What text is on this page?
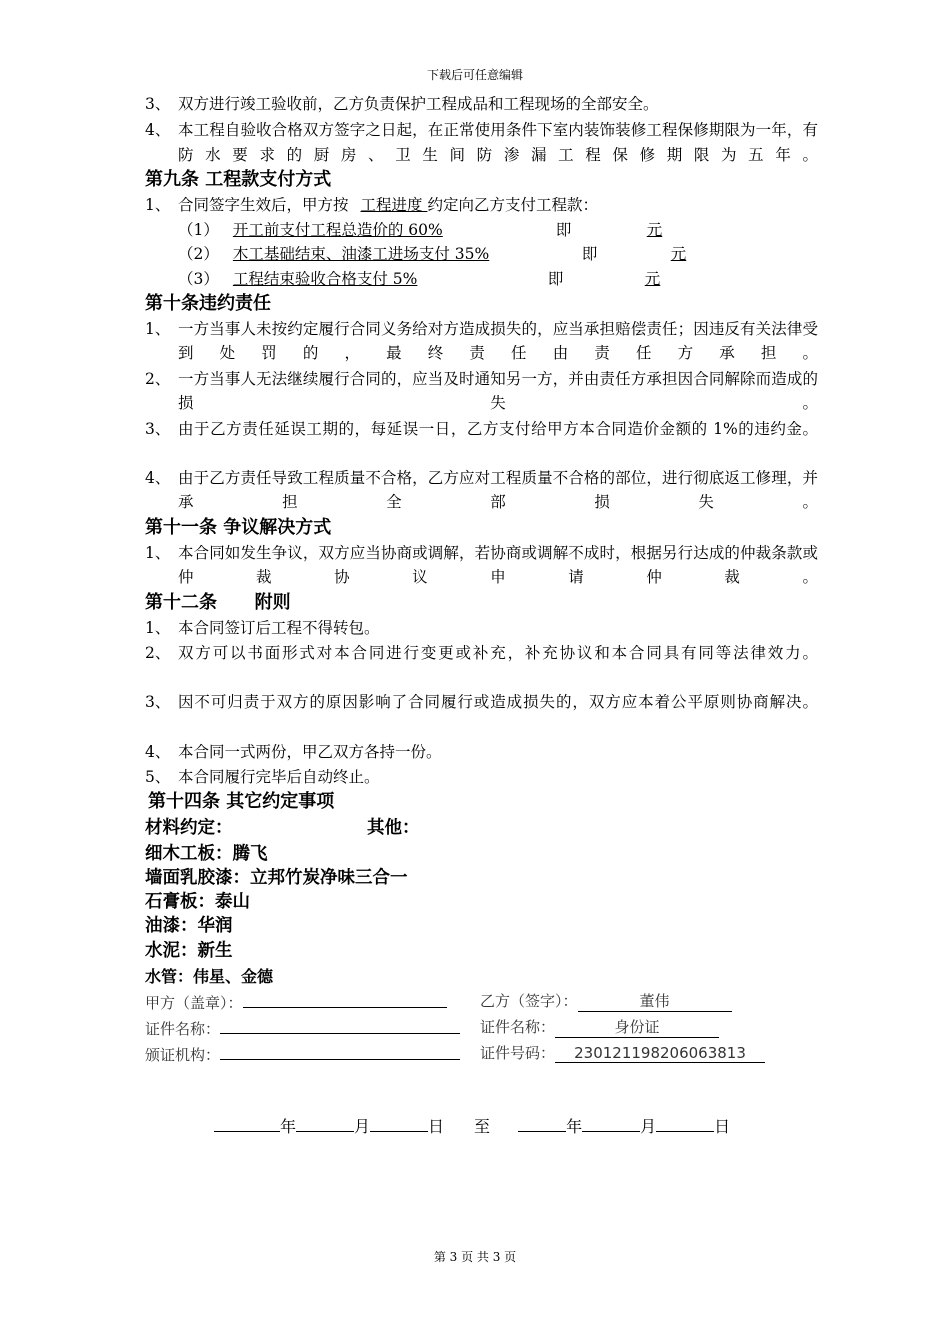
下载后可任意编辑
3、 双方进行竣工验收前，乙方负责保护工程成品和工程现场的全部安全。
4、 本工程自验收合格双方签字之日起，在正常使用条件下室内装饰装修工程保修期限为一年，有防水要求的厨房、卫生间防渗漏工程保修期限为五年。
第九条 工程款支付方式
1、 合同签字生效后，甲方按 工程进度 约定向乙方支付工程款：
（1） 开工前支付工程总造价的 60%	即	元
（2） 木工基础结束、油漆工进场支付 35%	即	元
（3） 工程结束验收合格支付 5%	即	元
第十条违约责任
1、 一方当事人未按约定履行合同义务给对方造成损失的，应当承担赔偿责任；因违反有关法律受到处罚的，最终责任由责任方承担。
2、 一方当事人无法继续履行合同的，应当及时通知另一方，并由责任方承担因合同解除而造成的损失。
3、 由于乙方责任延误工期的，每延误一日，乙方支付给甲方本合同造价金额的 1%的违约金。
4、 由于乙方责任导致工程质量不合格，乙方应对工程质量不合格的部位，进行彻底返工修理，并承担全部损失。
第十一条 争议解决方式
1、 本合同如发生争议，双方应当协商或调解，若协商或调解不成时，根据另行达成的仲裁条款或仲裁协议申请仲裁。
第十二条      附则
1、 本合同签订后工程不得转包。
2、 双方可以书面形式对本合同进行变更或补充，补充协议和本合同具有同等法律效力。
3、 因不可归责于双方的原因影响了合同履行或造成损失的，双方应本着公平原则协商解决。
4、 本合同一式两份，甲乙双方各持一份。
5、 本合同履行完毕后自动终止。
第十四条 其它约定事项
材料约定：	其他：
细木工板：腾飞
墙面乳胶漆：立邦竹炭净味三合一
石膏板：泰山
油漆：华润
水泥：新生
水管：伟星、金德
甲方（盖章）：	乙方（签字）：	董伟
证件名称：	证件名称：	身份证
颁证机构：	证件号码： 230121198206063813
年	月	日 至	年	月	日
第 3 页 共 3 页
